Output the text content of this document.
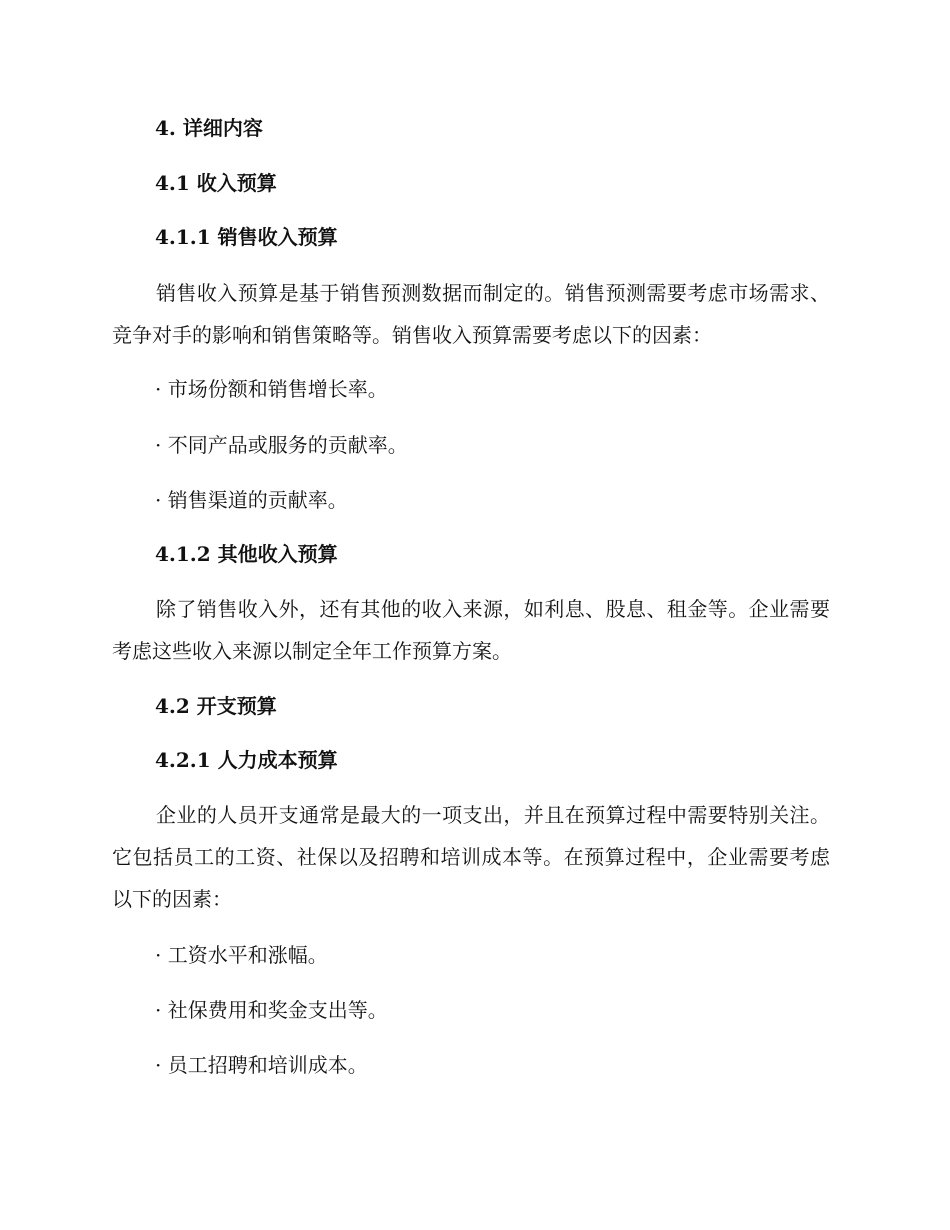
4. 详细内容
4.1 收入预算
4.1.1 销售收入预算
销售收入预算是基于销售预测数据而制定的。销售预测需要考虑市场需求、竞争对手的影响和销售策略等。销售收入预算需要考虑以下的因素：
· 市场份额和销售增长率。
· 不同产品或服务的贡献率。
· 销售渠道的贡献率。
4.1.2 其他收入预算
除了销售收入外，还有其他的收入来源，如利息、股息、租金等。企业需要考虑这些收入来源以制定全年工作预算方案。
4.2 开支预算
4.2.1 人力成本预算
企业的人员开支通常是最大的一项支出，并且在预算过程中需要特别关注。它包括员工的工资、社保以及招聘和培训成本等。在预算过程中，企业需要考虑以下的因素：
· 工资水平和涨幅。
· 社保费用和奖金支出等。
· 员工招聘和培训成本。
